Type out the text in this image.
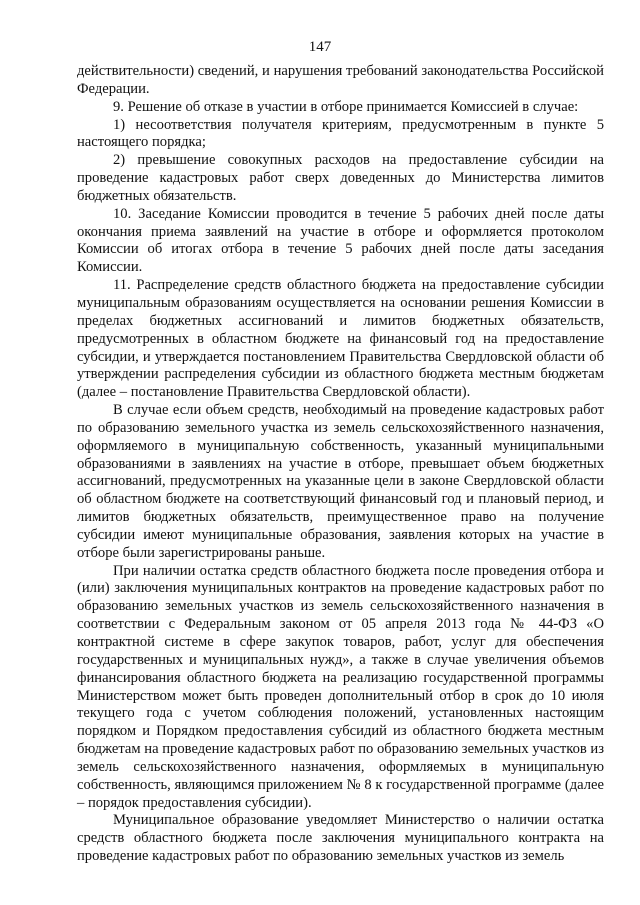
147

действительности) сведений, и нарушения требований законодательства Российской Федерации.

9. Решение об отказе в участии в отборе принимается Комиссией в случае:

1) несоответствия получателя критериям, предусмотренным в пункте 5 настоящего порядка;

2) превышение совокупных расходов на предоставление субсидии на проведение кадастровых работ сверх доведенных до Министерства лимитов бюджетных обязательств.

10. Заседание Комиссии проводится в течение 5 рабочих дней после даты окончания приема заявлений на участие в отборе и оформляется протоколом Комиссии об итогах отбора в течение 5 рабочих дней после даты заседания Комиссии.

11. Распределение средств областного бюджета на предоставление субсидии муниципальным образованиям осуществляется на основании решения Комиссии в пределах бюджетных ассигнований и лимитов бюджетных обязательств, предусмотренных в областном бюджете на финансовый год на предоставление субсидии, и утверждается постановлением Правительства Свердловской области об утверждении распределения субсидии из областного бюджета местным бюджетам (далее – постановление Правительства Свердловской области).

В случае если объем средств, необходимый на проведение кадастровых работ по образованию земельного участка из земель сельскохозяйственного назначения, оформляемого в муниципальную собственность, указанный муниципальными образованиями в заявлениях на участие в отборе, превышает объем бюджетных ассигнований, предусмотренных на указанные цели в законе Свердловской области об областном бюджете на соответствующий финансовый год и плановый период, и лимитов бюджетных обязательств, преимущественное право на получение субсидии имеют муниципальные образования, заявления которых на участие в отборе были зарегистрированы раньше.

При наличии остатка средств областного бюджета после проведения отбора и (или) заключения муниципальных контрактов на проведение кадастровых работ по образованию земельных участков из земель сельскохозяйственного назначения в соответствии с Федеральным законом от 05 апреля 2013 года № 44-ФЗ «О контрактной системе в сфере закупок товаров, работ, услуг для обеспечения государственных и муниципальных нужд», а также в случае увеличения объемов финансирования областного бюджета на реализацию государственной программы Министерством может быть проведен дополнительный отбор в срок до 10 июля текущего года с учетом соблюдения положений, установленных настоящим порядком и Порядком предоставления субсидий из областного бюджета местным бюджетам на проведение кадастровых работ по образованию земельных участков из земель сельскохозяйственного назначения, оформляемых в муниципальную собственность, являющимся приложением № 8 к государственной программе (далее – порядок предоставления субсидии).

Муниципальное образование уведомляет Министерство о наличии остатка средств областного бюджета после заключения муниципального контракта на проведение кадастровых работ по образованию земельных участков из земель
